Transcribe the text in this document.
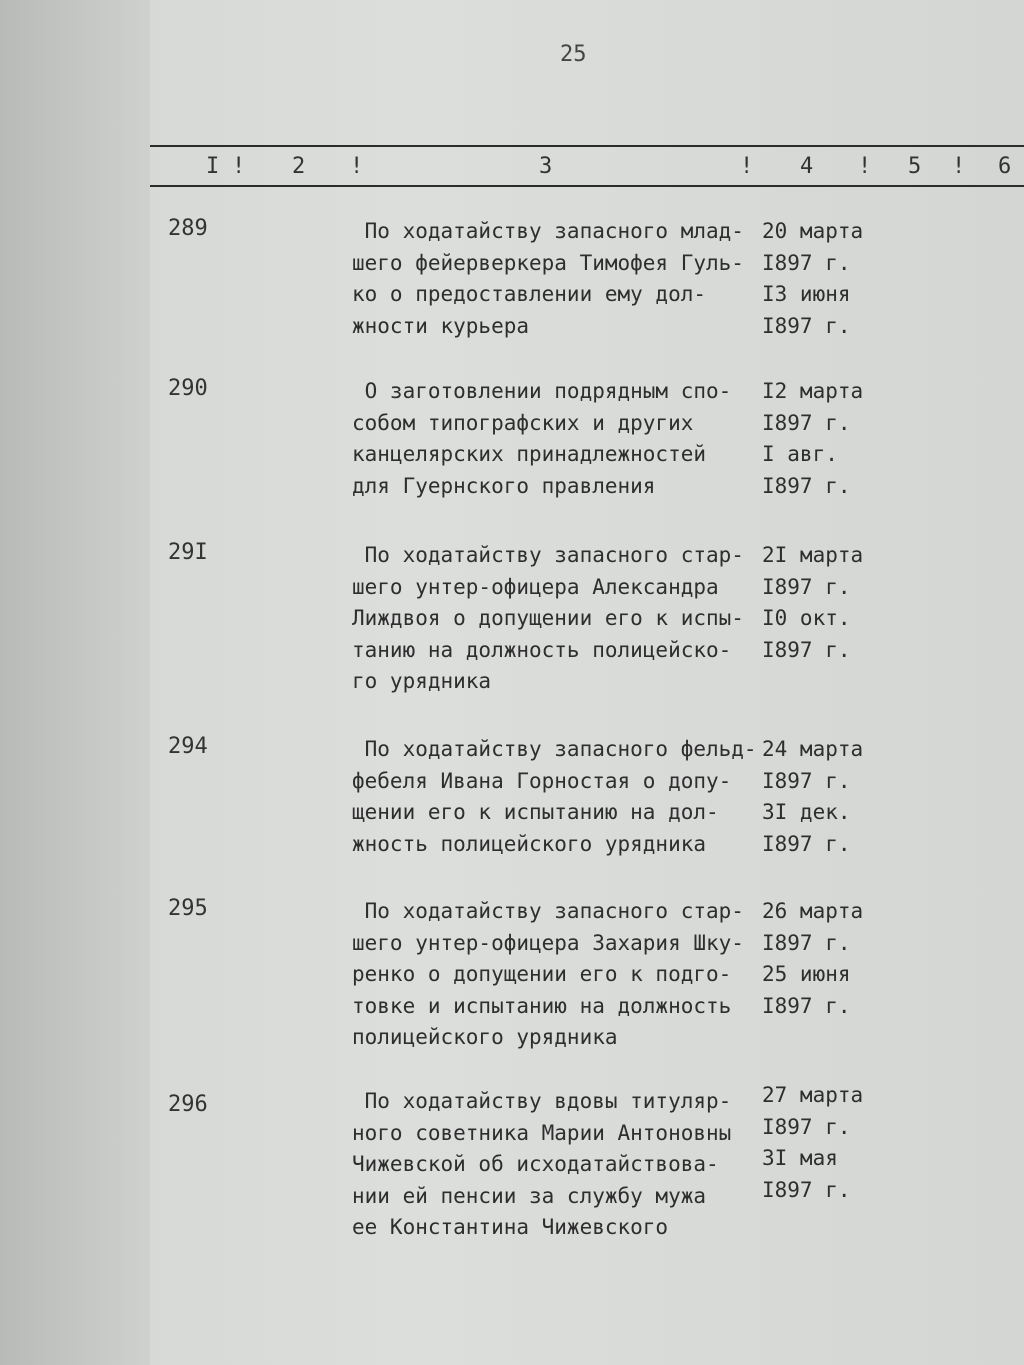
25
I ! 2 !	3	! 4 ! 5 ! 6
289	По ходатайству запасного млад-
шего фейерверкера Тимофея Гуль-
ко о предоставлении ему дол-
жности курьера
20 марта
I897 г.
I3 июня
I897 г.
290	О заготовлении подрядным спо-
собом типографских и других
канцелярских принадлежностей
для Гуернского правления
I2 марта
I897 г.
I авг.
I897 г.
29I	По ходатайству запасного стар-
шего унтер-офицера Александра
Лиждвоя о допущении его к испы-
танию на должность полицейско-
го урядника
2I марта
I897 г.
I0 окт.
I897 г.
294	По ходатайству запасного фельд-
фебеля Ивана Горностая о допу-
щении его к испытанию на дол-
жность полицейского урядника
24 марта
I897 г.
3I дек.
I897 г.
295	По ходатайству запасного стар-
шего унтер-офицера Захария Шку-
ренко о допущении его к подго-
товке и испытанию на должность
полицейского урядника
26 марта
I897 г.
25 июня
I897 г.
296	По ходатайству вдовы титуляр-
ного советника Марии Антоновны
Чижевской об исходатайствова-
нии ей пенсии за службу мужа
ее Константина Чижевского
27 марта
I897 г.
3I мая
I897 г.
